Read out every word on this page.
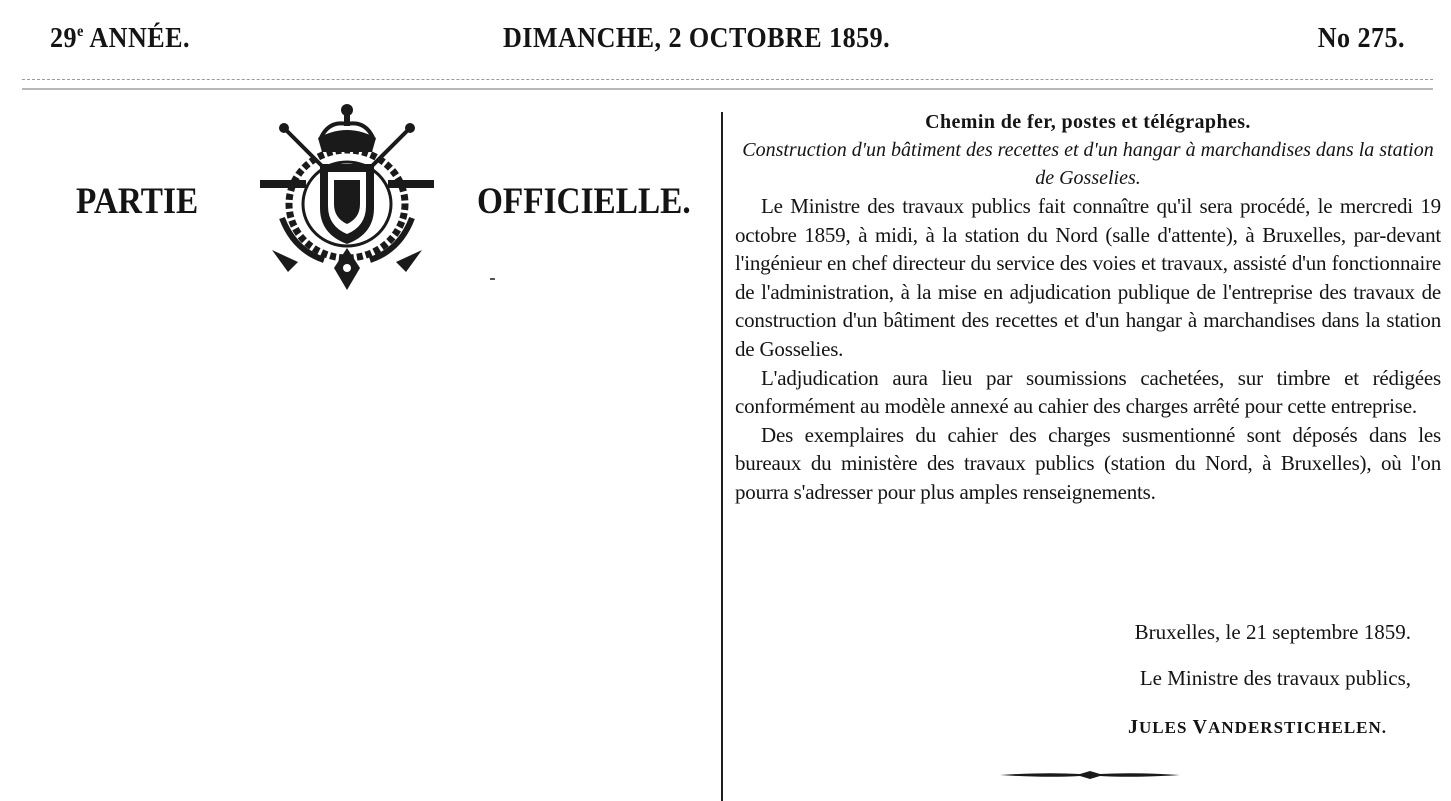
29e ANNÉE.	DIMANCHE, 2 OCTOBRE 1859.	No 275.
PARTIE	OFFICIELLE.

Chemin de fer, postes et télégraphes.

Construction d'un bâtiment des recettes et d'un hangar à marchandises dans la station de Gosselies.

Le Ministre des travaux publics fait connaître qu'il sera procédé, le mercredi 19 octobre 1859, à midi, à la station du Nord (salle d'attente), à Bruxelles, par-devant l'ingénieur en chef directeur du service des voies et travaux, assisté d'un fonctionnaire de l'administration, à la mise en adjudication publique de l'entreprise des travaux de construction d'un bâtiment des recettes et d'un hangar à marchandises dans la station de Gosselies.

L'adjudication aura lieu par soumissions cachetées, sur timbre et rédigées conformément au modèle annexé au cahier des charges arrêté pour cette entreprise.

Des exemplaires du cahier des charges susmentionné sont déposés dans les bureaux du ministère des travaux publics (station du Nord, à Bruxelles), où l'on pourra s'adresser pour plus amples renseignements.

Bruxelles, le 21 septembre 1859.
Le Ministre des travaux publics,
JULES VANDERSTICHELEN.
